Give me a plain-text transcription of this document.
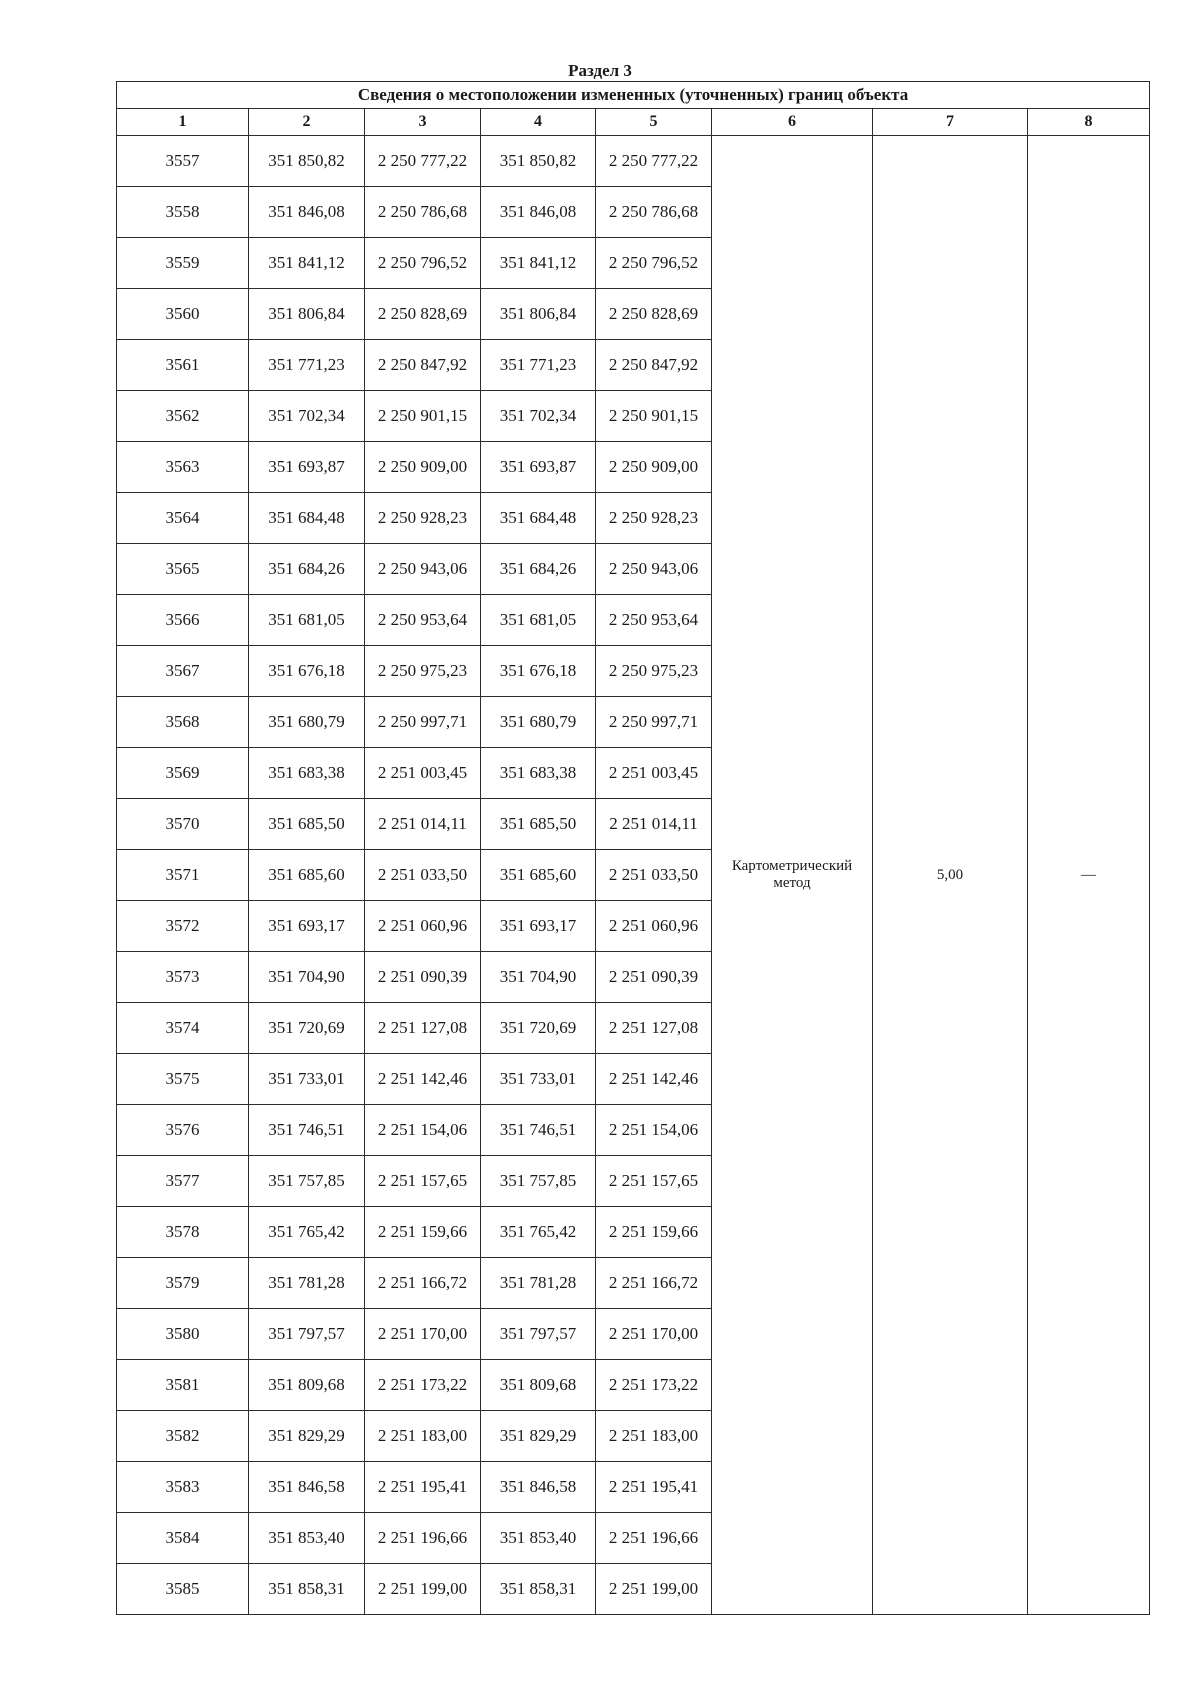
Раздел 3
Сведения о местоположении измененных (уточненных) границ объекта							
1	2	3	4	5	6	7	8
3557	351 850,82	2 250 777,22	351 850,82	2 250 777,22	Картометрический метод	5,00	—
3558	351 846,08	2 250 786,68	351 846,08	2 250 786,68			
3559	351 841,12	2 250 796,52	351 841,12	2 250 796,52			
3560	351 806,84	2 250 828,69	351 806,84	2 250 828,69			
3561	351 771,23	2 250 847,92	351 771,23	2 250 847,92			
3562	351 702,34	2 250 901,15	351 702,34	2 250 901,15			
3563	351 693,87	2 250 909,00	351 693,87	2 250 909,00			
3564	351 684,48	2 250 928,23	351 684,48	2 250 928,23			
3565	351 684,26	2 250 943,06	351 684,26	2 250 943,06			
3566	351 681,05	2 250 953,64	351 681,05	2 250 953,64			
3567	351 676,18	2 250 975,23	351 676,18	2 250 975,23			
3568	351 680,79	2 250 997,71	351 680,79	2 250 997,71			
3569	351 683,38	2 251 003,45	351 683,38	2 251 003,45			
3570	351 685,50	2 251 014,11	351 685,50	2 251 014,11			
3571	351 685,60	2 251 033,50	351 685,60	2 251 033,50			
3572	351 693,17	2 251 060,96	351 693,17	2 251 060,96			
3573	351 704,90	2 251 090,39	351 704,90	2 251 090,39			
3574	351 720,69	2 251 127,08	351 720,69	2 251 127,08			
3575	351 733,01	2 251 142,46	351 733,01	2 251 142,46			
3576	351 746,51	2 251 154,06	351 746,51	2 251 154,06			
3577	351 757,85	2 251 157,65	351 757,85	2 251 157,65			
3578	351 765,42	2 251 159,66	351 765,42	2 251 159,66			
3579	351 781,28	2 251 166,72	351 781,28	2 251 166,72			
3580	351 797,57	2 251 170,00	351 797,57	2 251 170,00			
3581	351 809,68	2 251 173,22	351 809,68	2 251 173,22			
3582	351 829,29	2 251 183,00	351 829,29	2 251 183,00			
3583	351 846,58	2 251 195,41	351 846,58	2 251 195,41			
3584	351 853,40	2 251 196,66	351 853,40	2 251 196,66			
3585	351 858,31	2 251 199,00	351 858,31	2 251 199,00			
